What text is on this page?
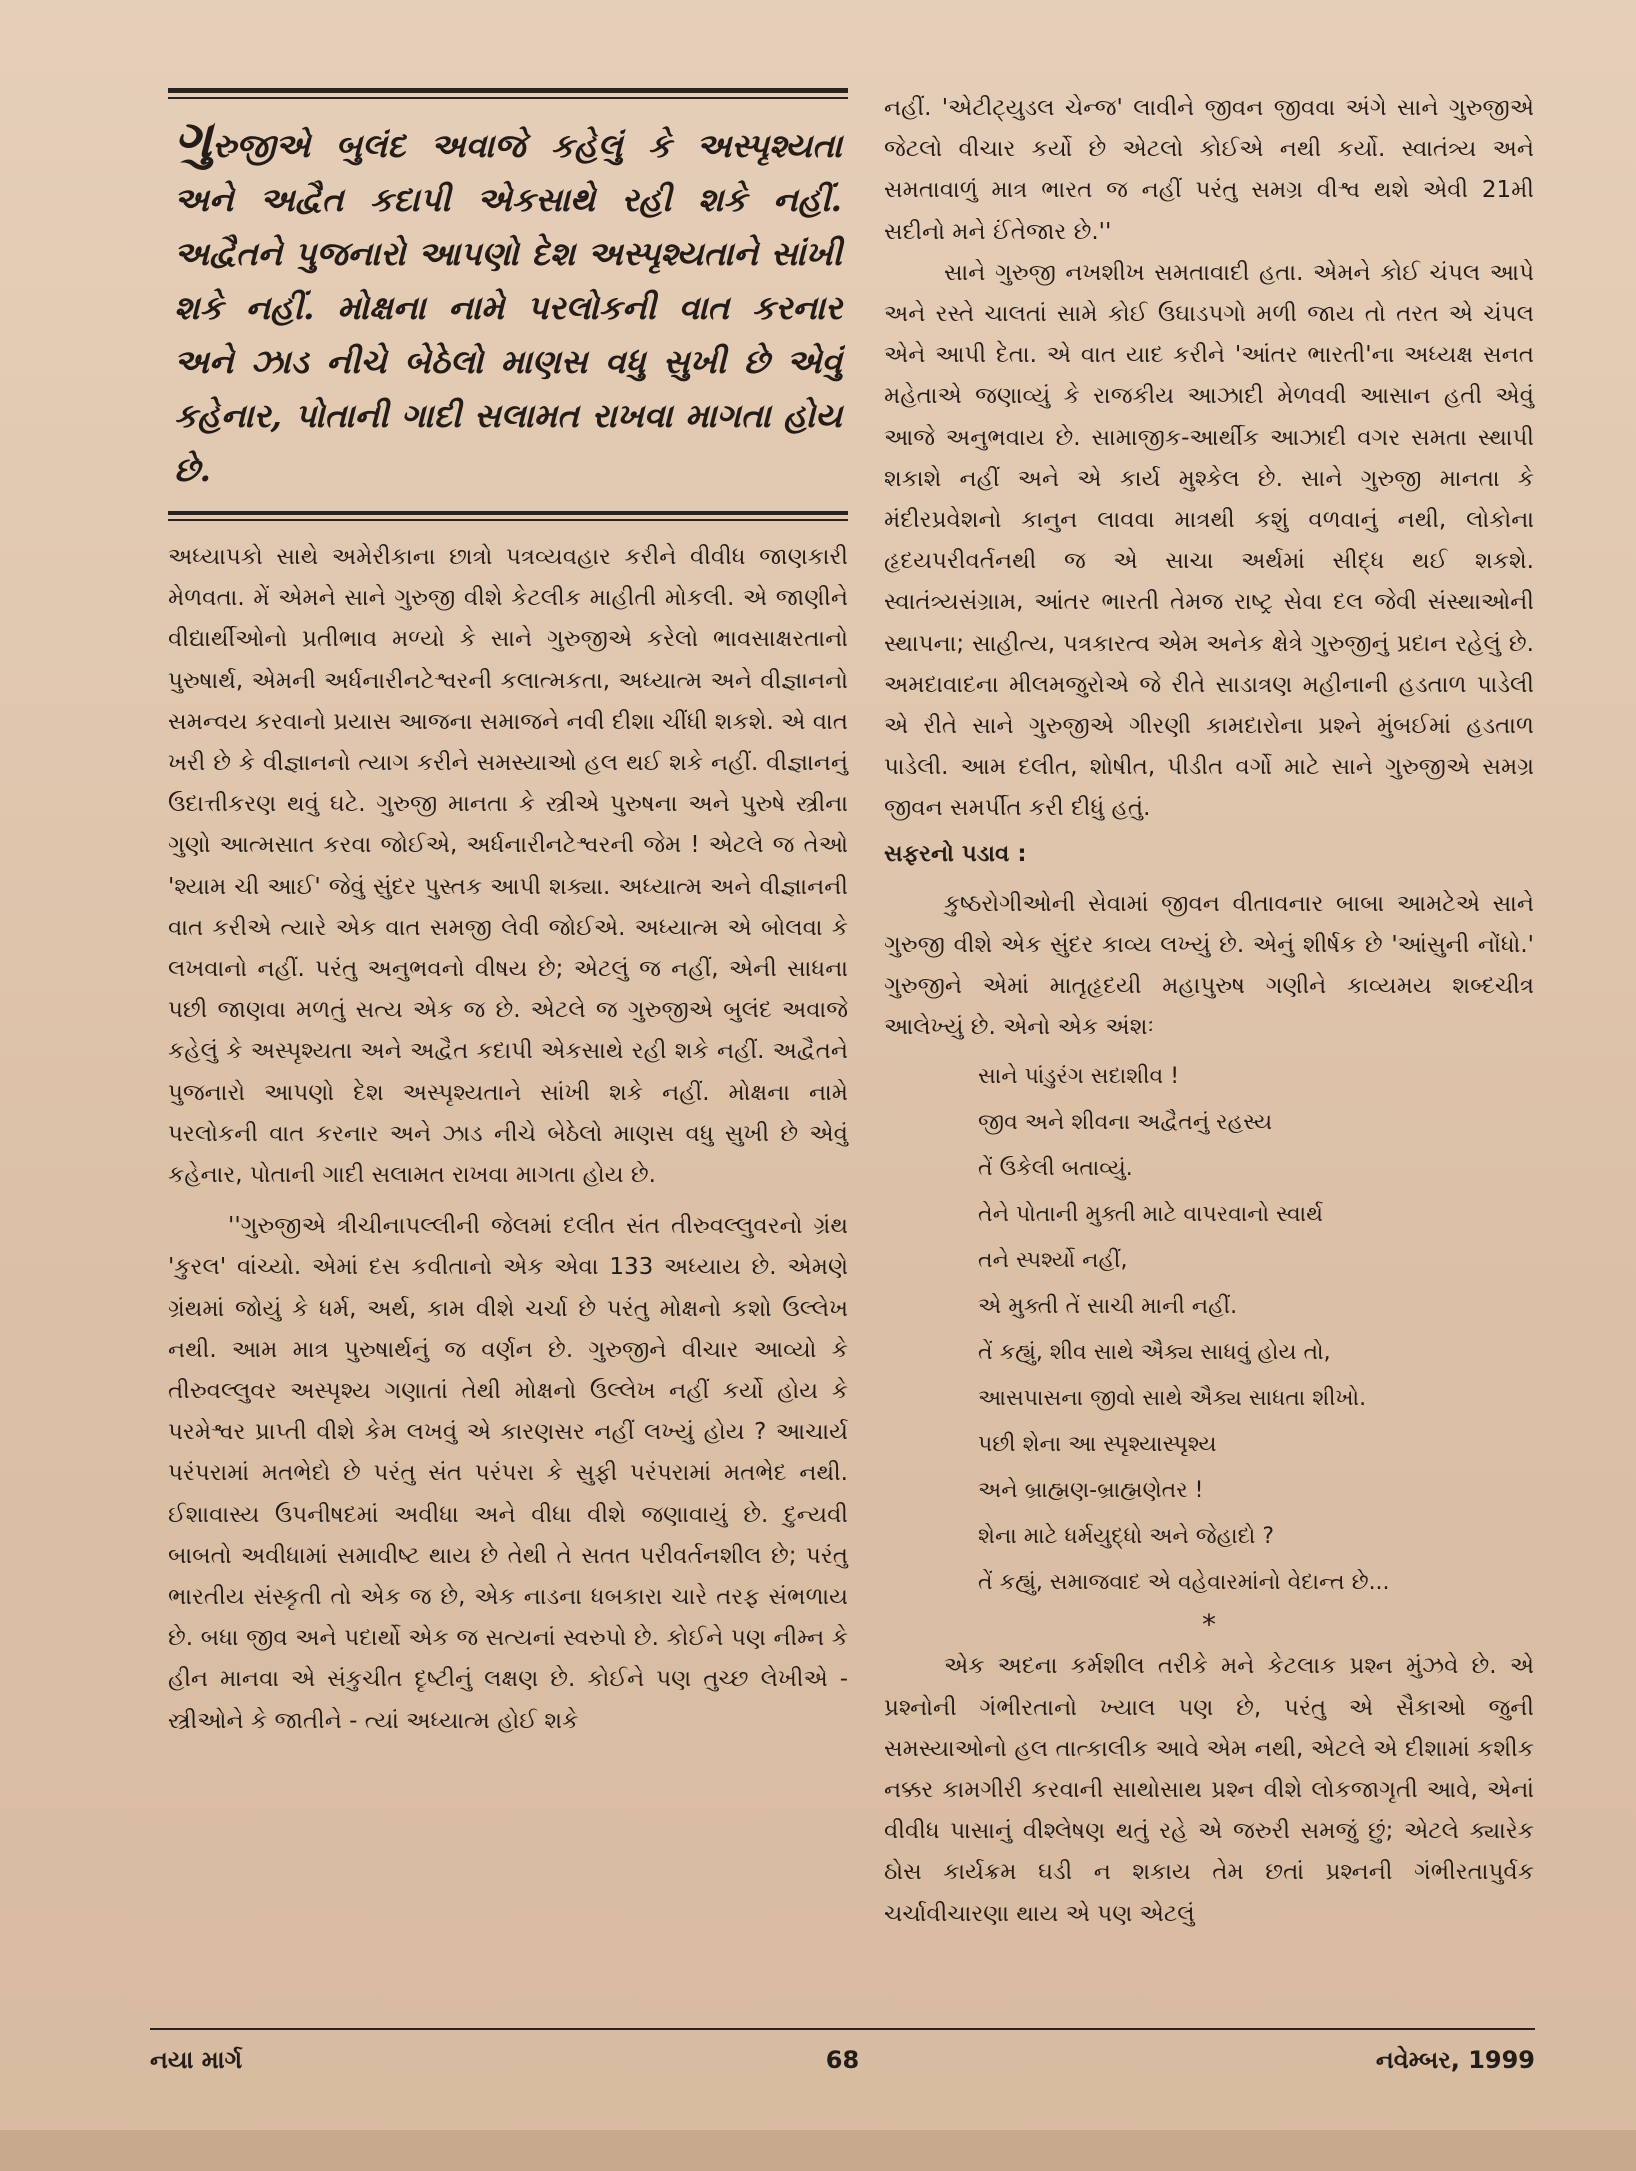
ગુરુજીએ બુલંદ અવાજે કહેલું કે અસ્પૃશ્યતા અને અદ્વૈત કદાપી એકસાથે રહી શકે નહીં. અદ્વૈતને પુજનારો આપણો દેશ અસ્પૃશ્યતાને સાંખી શકે નહીં. મોક્ષના નામે પરલોકની વાત કરનાર અને ઝાડ નીચે બેઠેલો માણસ વધુ સુખી છે એવું કહેનાર, પોતાની ગાદી સલામત રાખવા માગતા હોય છે.

અધ્યાપકો સાથે અમેરીકાના છાત્રો પત્રવ્યવહાર કરીને વીવીધ જાણકારી મેળવતા. મેં એમને સાને ગુરુજી વીશે કેટલીક માહીતી મોકલી. એ જાણીને વીદ્યાર્થીઓનો પ્રતીભાવ મળ્યો કે સાને ગુરુજીએ કરેલો ભાવસાક્ષરતાનો પુરુષાર્થ, એમની અર્ધનારીનટેશ્વરની કલાત્મકતા, અધ્યાત્મ અને વીજ્ઞાનનો સમન્વય કરવાનો પ્રયાસ આજના સમાજને નવી દીશા ચીંધી શકશે. એ વાત ખરી છે કે વીજ્ઞાનનો ત્યાગ કરીને સમસ્યાઓ હલ થઈ શકે નહીં. વીજ્ઞાનનું ઉદાત્તીકરણ થવું ઘટે. ગુરુજી માનતા કે સ્ત્રીએ પુરુષના અને પુરુષે સ્ત્રીના ગુણો આત્મસાત કરવા જોઈએ, અર્ધનારીનટેશ્વરની જેમ ! એટલે જ તેઓ 'શ્યામ ચી આઈ' જેવું સુંદર પુસ્તક આપી શક્યા. અધ્યાત્મ અને વીજ્ઞાનની વાત કરીએ ત્યારે એક વાત સમજી લેવી જોઈએ. અધ્યાત્મ એ બોલવા કે લખવાનો નહીં. પરંતુ અનુભવનો વીષય છે; એટલું જ નહીં, એની સાધના પછી જાણવા મળતું સત્ય એક જ છે. એટલે જ ગુરુજીએ બુલંદ અવાજે કહેલું કે અસ્પૃશ્યતા અને અદ્વૈત કદાપી એકસાથે રહી શકે નહીં. અદ્વૈતને પુજનારો આપણો દેશ અસ્પૃશ્યતાને સાંખી શકે નહીં. મોક્ષના નામે પરલોકની વાત કરનાર અને ઝાડ નીચે બેઠેલો માણસ વધુ સુખી છે એવું કહેનાર, પોતાની ગાદી સલામત રાખવા માગતા હોય છે.

''ગુરુજીએ ત્રીચીનાપલ્લીની જેલમાં દલીત સંત તીરુવલ્લુવરનો ગ્રંથ 'કુરલ' વાંચ્યો. એમાં દસ કવીતાનો એક એવા 133 અધ્યાય છે. એમણે ગ્રંથમાં જોયું કે ધર્મ, અર્થ, કામ વીશે ચર્ચા છે પરંતુ મોક્ષનો કશો ઉલ્લેખ નથી. આમ માત્ર પુરુષાર્થનું જ વર્ણન છે. ગુરુજીને વીચાર આવ્યો કે તીરુવલ્લુવર અસ્પૃશ્ય ગણાતાં તેથી મોક્ષનો ઉલ્લેખ નહીં કર્યો હોય કે પરમેશ્વર પ્રાપ્તી વીશે કેમ લખવું એ કારણસર નહીં લખ્યું હોય ? આચાર્ય પરંપરામાં મતભેદો છે પરંતુ સંત પરંપરા કે સુફી પરંપરામાં મતભેદ નથી. ઈશાવાસ્ય ઉપનીષદમાં અવીધા અને વીધા વીશે જણાવાયું છે. દુન્યવી બાબતો અવીધામાં સમાવીષ્ટ થાય છે તેથી તે સતત પરીવર્તનશીલ છે; પરંતુ ભારતીય સંસ્કૃતી તો એક જ છે, એક નાડના ધબકારા ચારે તરફ સંભળાય છે. બધા જીવ અને પદાર્થો એક જ સત્યનાં સ્વરુપો છે. કોઈને પણ નીમ્ન કે હીન માનવા એ સંકુચીત દૃષ્ટીનું લક્ષણ છે. કોઈને પણ તુચ્છ લેખીએ - સ્ત્રીઓને કે જાતીને - ત્યાં અધ્યાત્મ હોઈ શકે

નહીં. 'એટીટ્યુડલ ચેન્જ' લાવીને જીવન જીવવા અંગે સાને ગુરુજીએ જેટલો વીચાર કર્યો છે એટલો કોઈએ નથી કર્યો. સ્વાતંત્ર્ય અને સમતાવાળું માત્ર ભારત જ નહીં પરંતુ સમગ્ર વીશ્વ થશે એવી 21મી સદીનો મને ઈંતેજાર છે.''

સાને ગુરુજી નખશીખ સમતાવાદી હતા. એમને કોઈ ચંપલ આપે અને રસ્તે ચાલતાં સામે કોઈ ઉઘાડપગો મળી જાય તો તરત એ ચંપલ એને આપી દેતા. એ વાત યાદ કરીને 'આંતર ભારતી'ના અધ્યક્ષ સનત મહેતાએ જણાવ્યું કે રાજકીય આઝાદી મેળવવી આસાન હતી એવું આજે અનુભવાય છે. સામાજીક-આર્થીક આઝાદી વગર સમતા સ્થાપી શકાશે નહીં અને એ કાર્ય મુશ્કેલ છે. સાને ગુરુજી માનતા કે મંદીરપ્રવેશનો કાનુન લાવવા માત્રથી કશું વળવાનું નથી, લોકોના હૃદયપરીવર્તનથી જ એ સાચા અર્થમાં સીદ્ધ થઈ શકશે. સ્વાતંત્ર્યસંગ્રામ, આંતર ભારતી તેમજ રાષ્ટ્ર સેવા દલ જેવી સંસ્થાઓની સ્થાપના; સાહીત્ય, પત્રકારત્વ એમ અનેક ક્ષેત્રે ગુરુજીનું પ્રદાન રહેલું છે. અમદાવાદના મીલમજુરોએ જે રીતે સાડાત્રણ મહીનાની હડતાળ પાડેલી એ રીતે સાને ગુરુજીએ ગીરણી કામદારોના પ્રશ્ને મુંબઈમાં હડતાળ પાડેલી. આમ દલીત, શોષીત, પીડીત વર્ગો માટે સાને ગુરુજીએ સમગ્ર જીવન સમર્પીત કરી દીધું હતું.

સફરનો પડાવ :

કુષ્ઠરોગીઓની સેવામાં જીવન વીતાવનાર બાબા આમટેએ સાને ગુરુજી વીશે એક સુંદર કાવ્ય લખ્યું છે. એનું શીર્ષક છે 'આંસુની નોંધો.' ગુરુજીને એમાં માતૃહૃદયી મહાપુરુષ ગણીને કાવ્યમય શબ્દચીત્ર આલેખ્યું છે. એનો એક અંશઃ

સાને પાંડુરંગ સદાશીવ !
જીવ અને શીવના અદ્વૈતનું રહસ્ય
તેં ઉકેલી બતાવ્યું.
તેને પોતાની મુક્તી માટે વાપરવાનો સ્વાર્થ
તને સ્પર્શ્યો નહીં,
એ મુક્તી તેં સાચી માની નહીં.
તેં કહ્યું, શીવ સાથે ઐક્ય સાધવું હોય તો,
આસપાસના જીવો સાથે ઐક્ય સાધતા શીખો.
પછી શેના આ સ્પૃશ્યાસ્પૃશ્ય
અને બ્રાહ્મણ-બ્રાહ્મણેતર !
શેના માટે ધર્મયુદ્ધો અને જેહાદો ?
તેં કહ્યું, સમાજવાદ એ વહેવારમાંનો વેદાન્ત છે...
*

એક અદના કર્મશીલ તરીકે મને કેટલાક પ્રશ્ન મુંઝવે છે. એ પ્રશ્નોની ગંભીરતાનો ખ્યાલ પણ છે, પરંતુ એ સૈકાઓ જુની સમસ્યાઓનો હલ તાત્કાલીક આવે એમ નથી, એટલે એ દીશામાં કશીક નક્કર કામગીરી કરવાની સાથોસાથ પ્રશ્ન વીશે લોકજાગૃતી આવે, એનાં વીવીધ પાસાનું વીશ્લેષણ થતું રહે એ જરુરી સમજું છું; એટલે ક્યારેક ઠોસ કાર્યક્રમ ઘડી ન શકાય તેમ છતાં પ્રશ્નની ગંભીરતાપુર્વક ચર્ચાવીચારણા થાય એ પણ એટલું

નયા માર્ગ	68	નવેમ્બર, 1999
